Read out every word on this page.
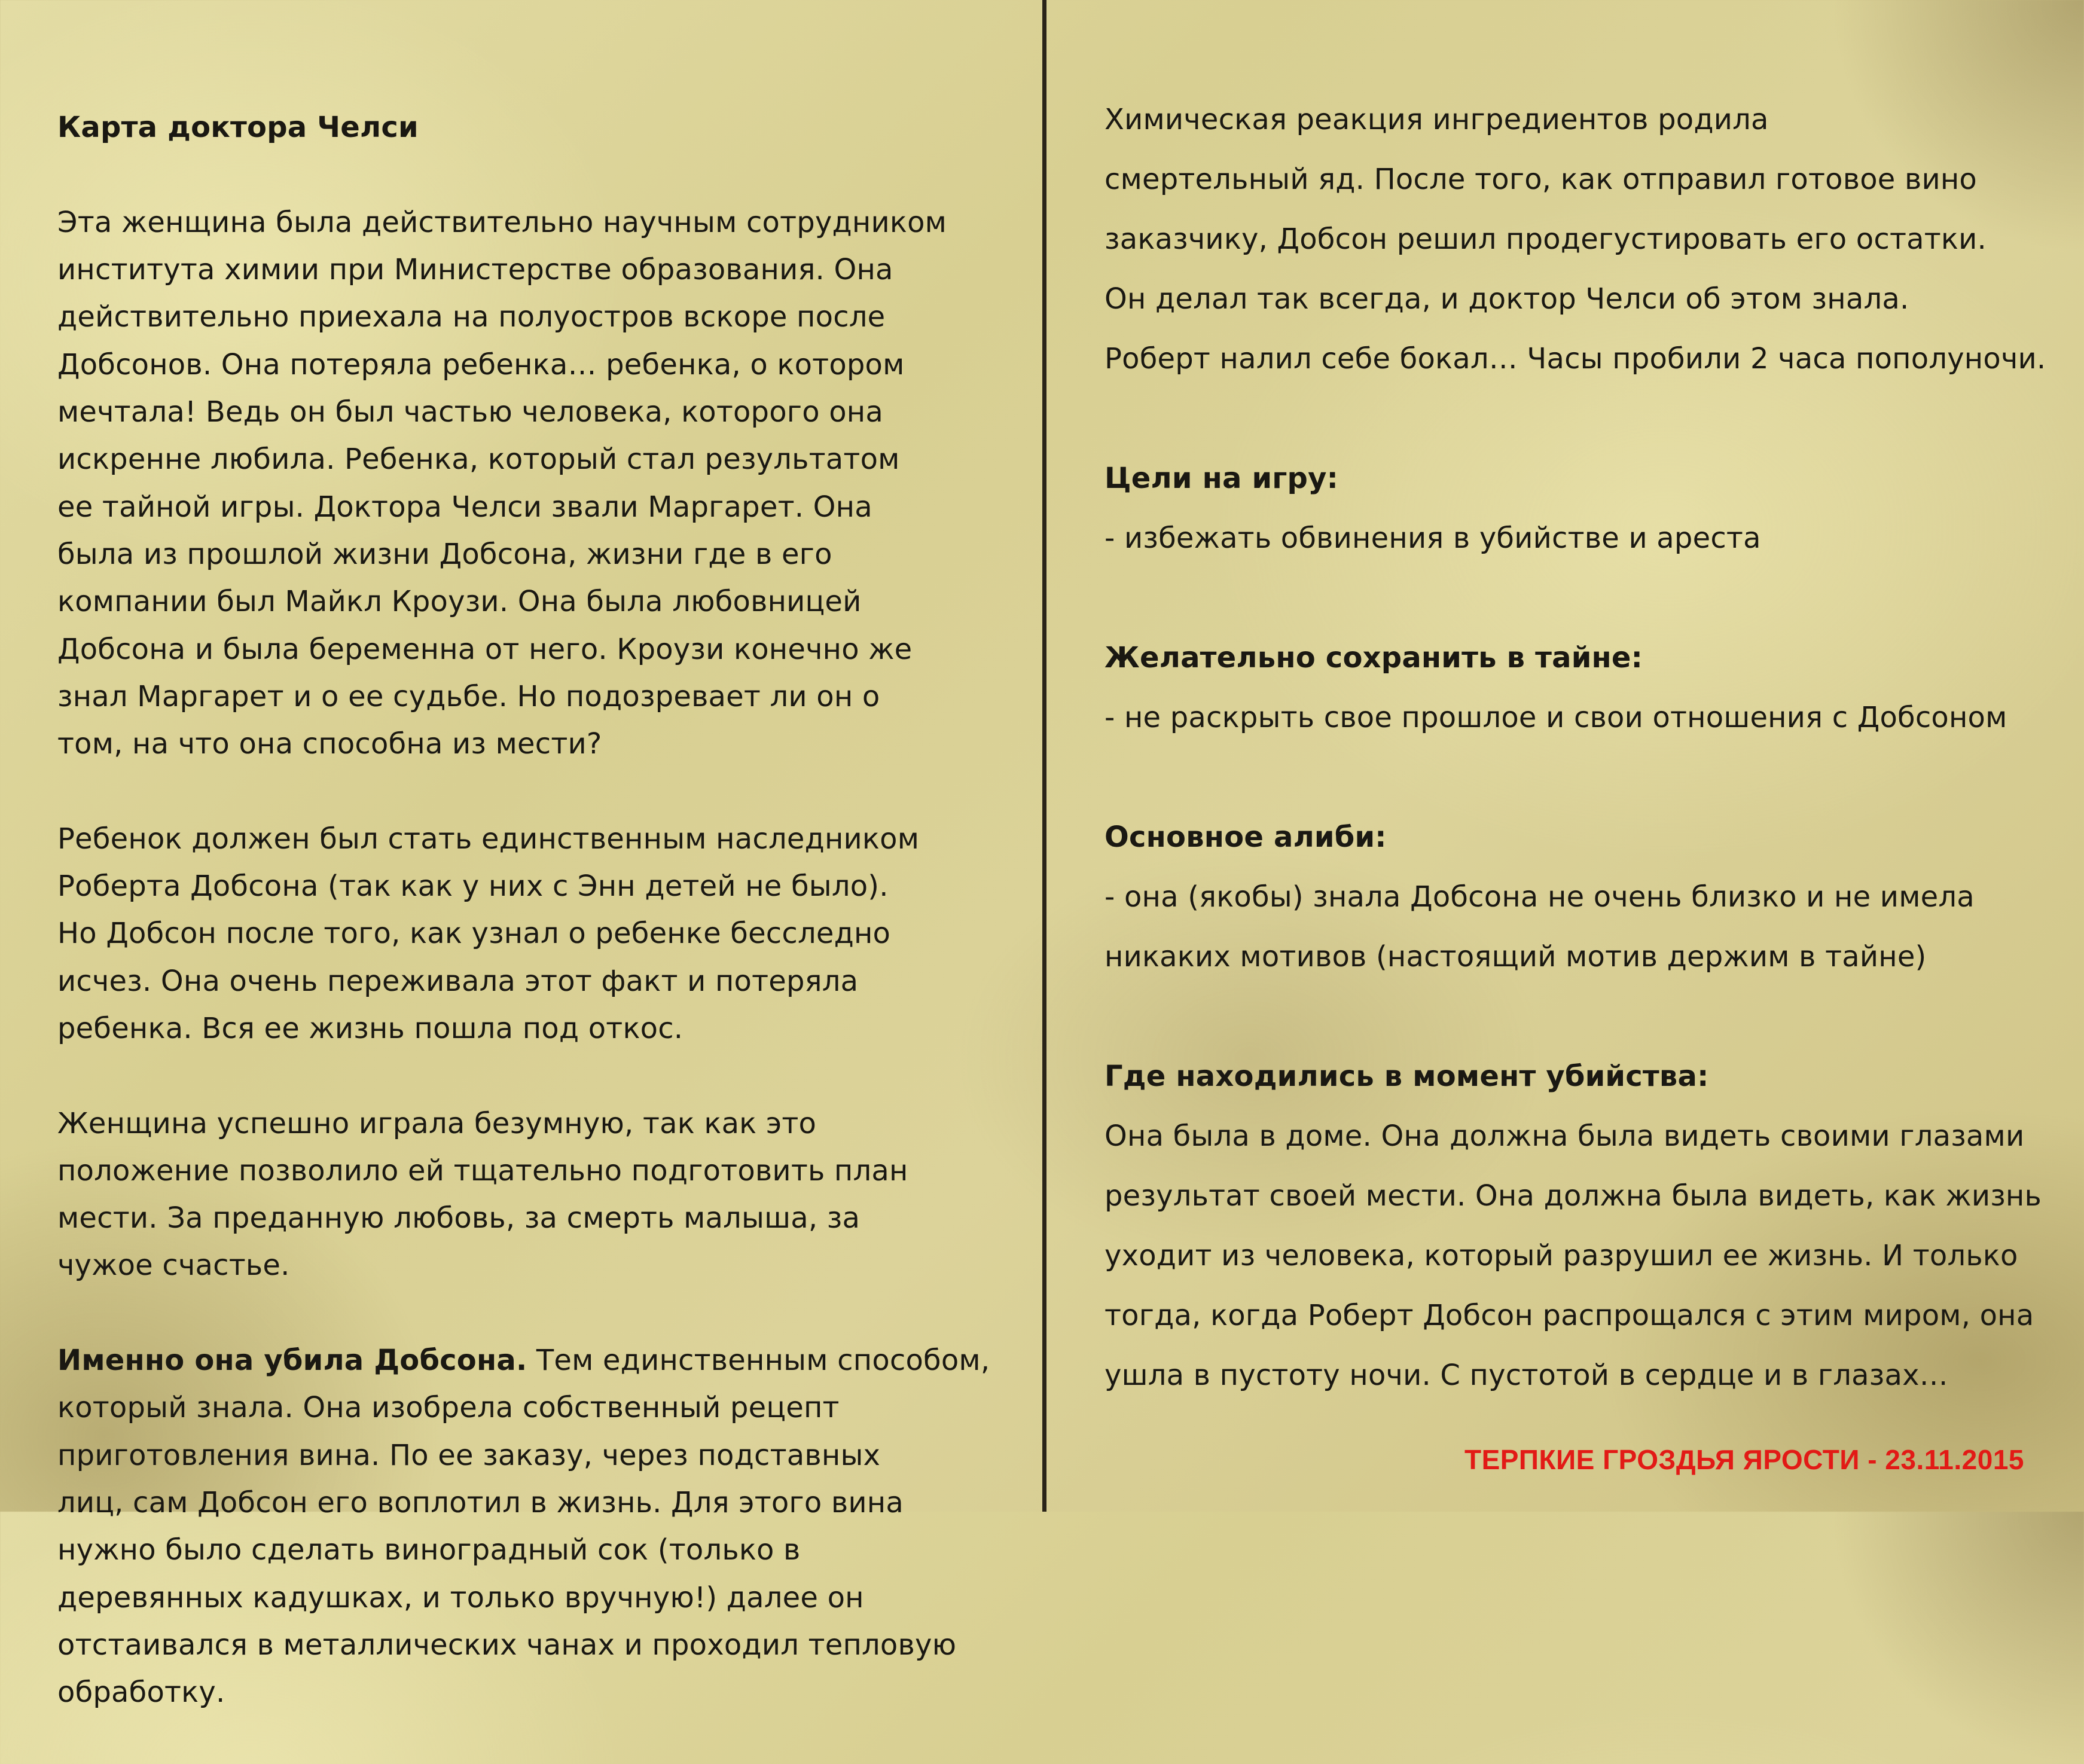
Карта доктора Челси

Эта женщина была действительно научным сотрудником
института химии при Министерстве образования. Она
действительно приехала на полуостров вскоре после
Добсонов. Она потеряла ребенка… ребенка, о котором
мечтала! Ведь он был частью человека, которого она
искренне любила. Ребенка, который стал результатом
ее тайной игры. Доктора Челси звали Маргарет. Она
была из прошлой жизни Добсона, жизни где в его
компании был Майкл Кроузи. Она была любовницей
Добсона и была беременна от него. Кроузи конечно же
знал Маргарет и о ее судьбе. Но подозревает ли он о
том, на что она способна из мести?

Ребенок должен был стать единственным наследником
Роберта Добсона (так как у них с Энн детей не было).
Но Добсон после того, как узнал о ребенке бесследно
исчез. Она очень переживала этот факт и потеряла
ребенка. Вся ее жизнь пошла под откос.

Женщина успешно играла безумную, так как это
положение позволило ей тщательно подготовить план
мести. За преданную любовь, за смерть малыша, за
чужое счастье.

Именно она убила Добсона. Тем единственным способом,
который знала. Она изобрела собственный рецепт
приготовления вина. По ее заказу, через подставных
лиц, сам Добсон его воплотил в жизнь. Для этого вина
нужно было сделать виноградный сок (только в
деревянных кадушках, и только вручную!) далее он
отстаивался в металлических чанах и проходил тепловую
обработку.

Химическая реакция ингредиентов родила

смертельный яд. После того, как отправил готовое вино

заказчику, Добсон решил продегустировать его остатки.

Он делал так всегда, и доктор Челси об этом знала.

Роберт налил себе бокал… Часы пробили 2 часа пополуночи.

Цели на игру:

- избежать обвинения в убийстве и ареста

Желательно сохранить в тайне:

- не раскрыть свое прошлое и свои отношения с Добсоном

Основное алиби:

- она (якобы) знала Добсона не очень близко и не имела

никаких мотивов (настоящий мотив держим в тайне)

Где находились в момент убийства:

Она была в доме. Она должна была видеть своими глазами

результат своей мести. Она должна была видеть, как жизнь

уходит из человека, который разрушил ее жизнь. И только

тогда, когда Роберт Добсон распрощался с этим миром, она

ушла в пустоту ночи. С пустотой в сердце и в глазах…

ТЕРПКИЕ ГРОЗДЬЯ ЯРОСТИ - 23.11.2015
